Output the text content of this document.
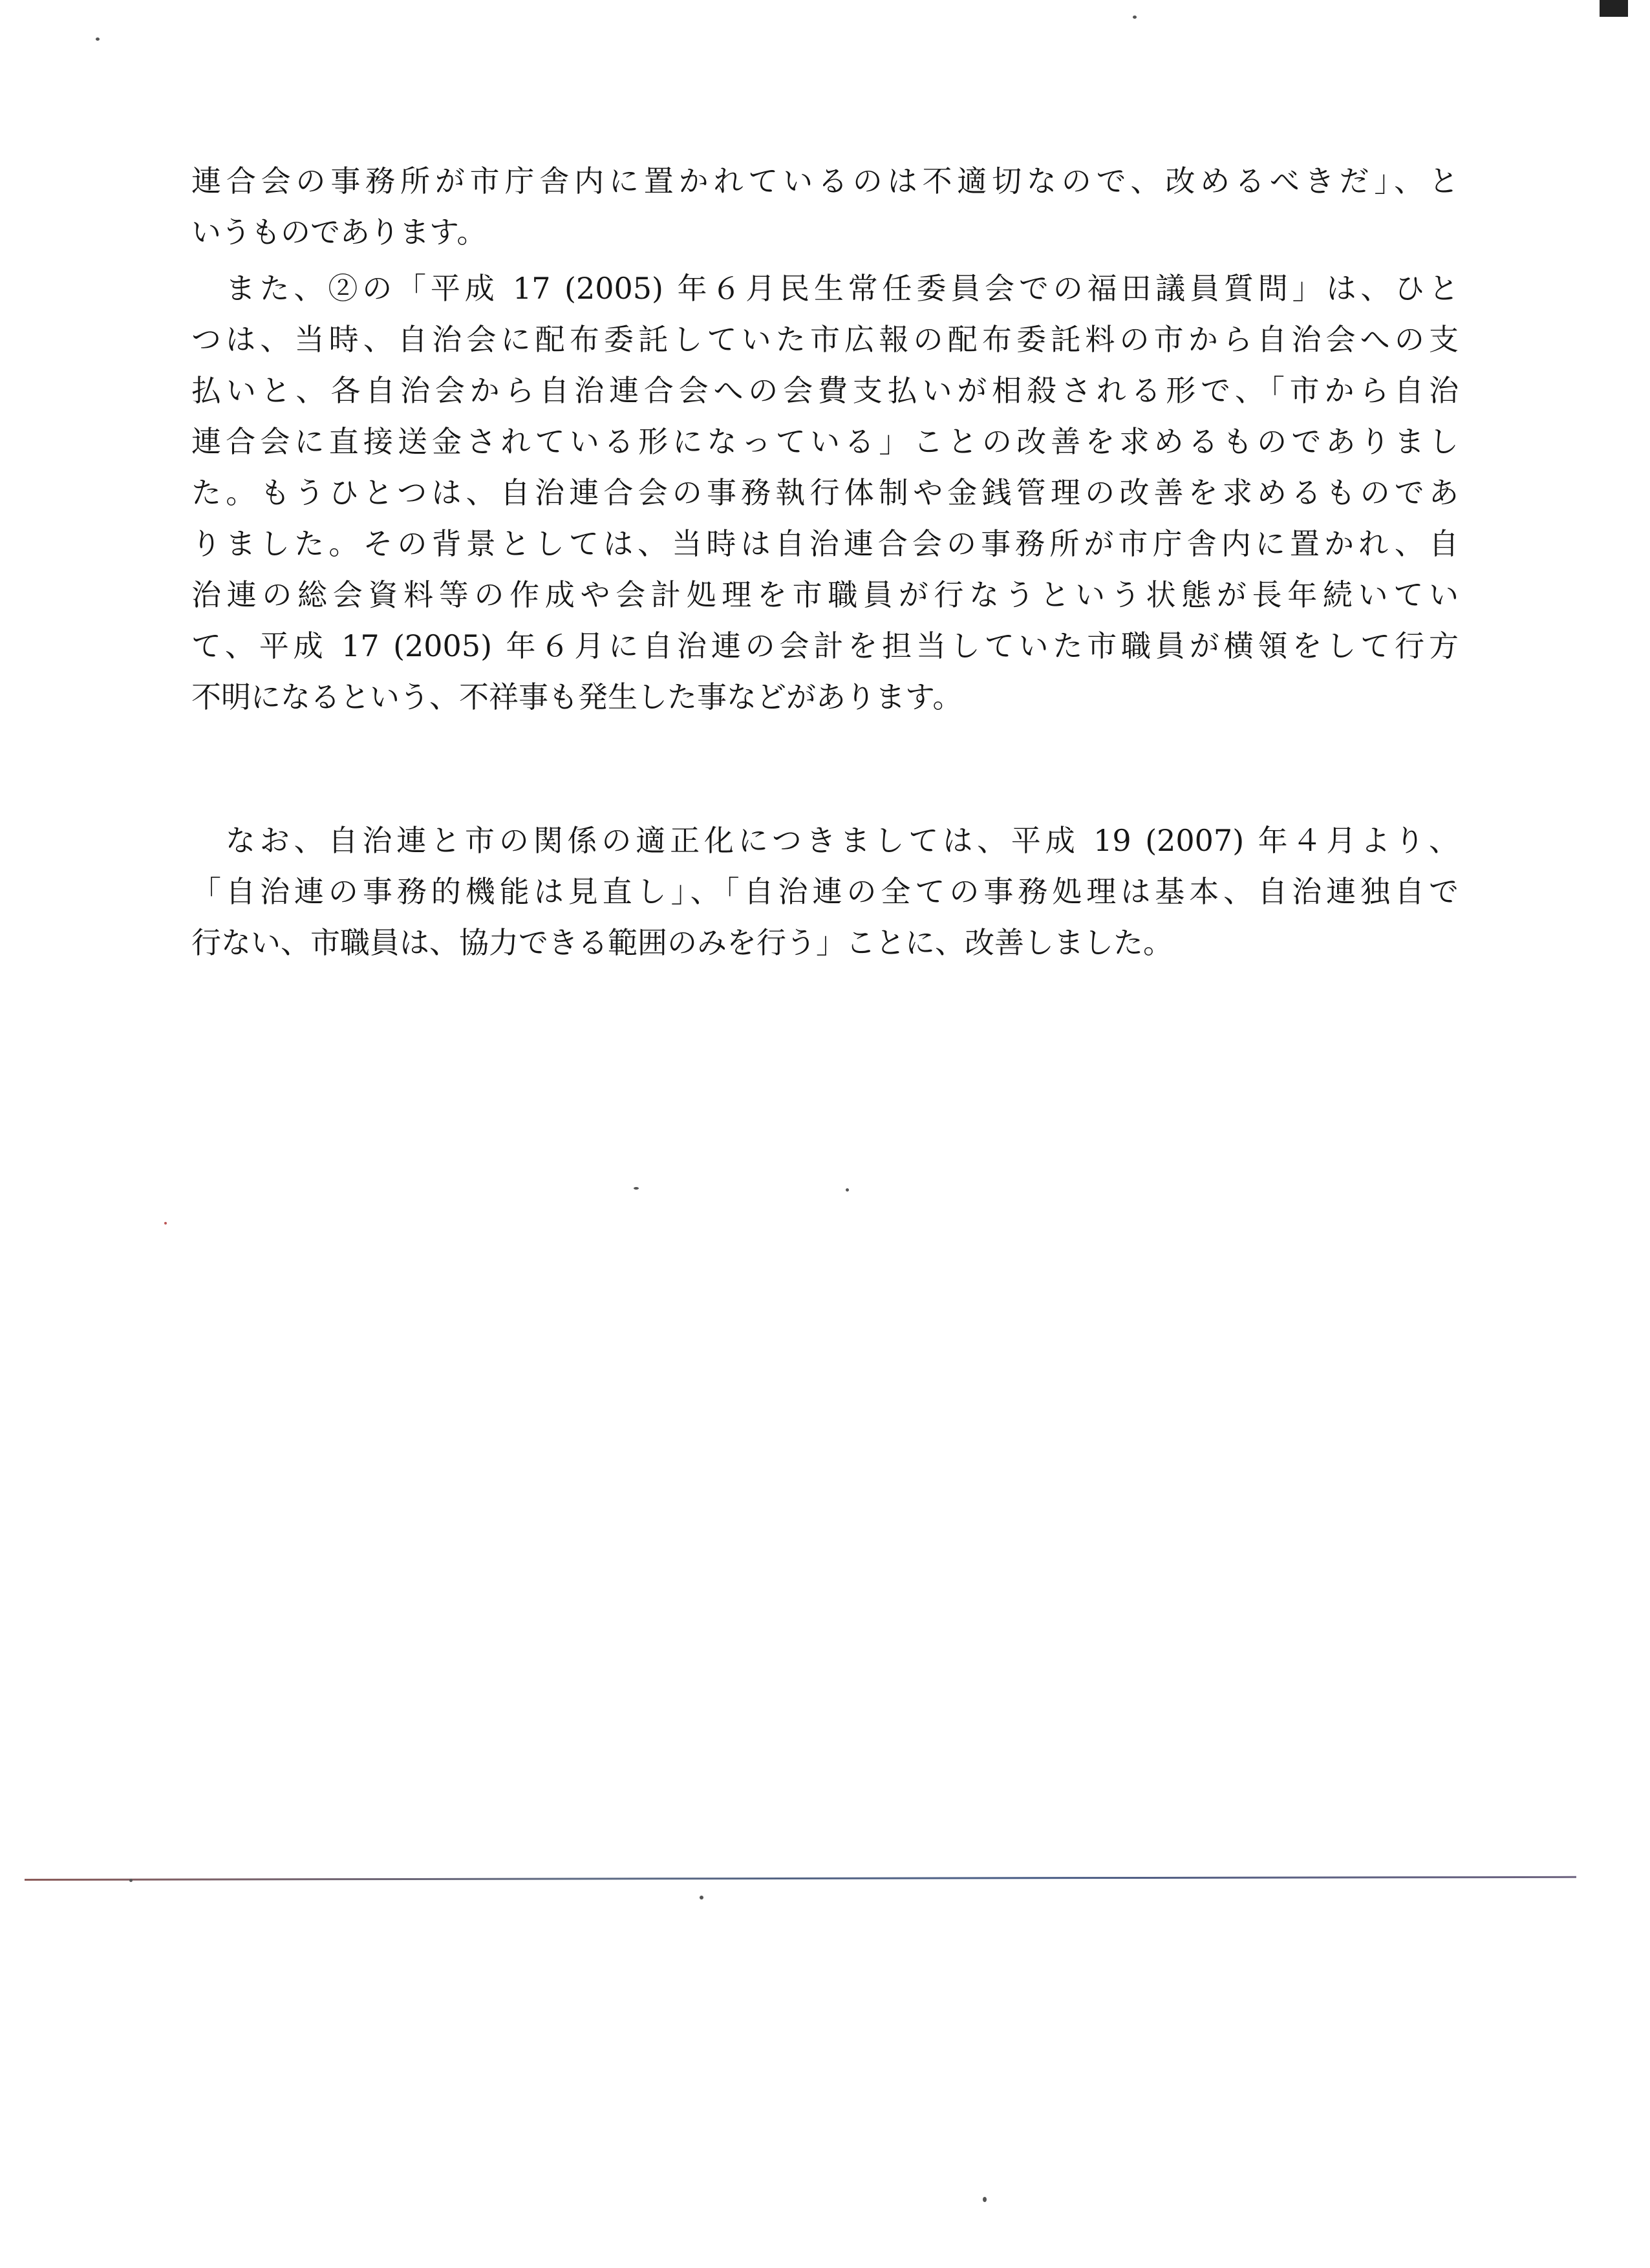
連合会の事務所が市庁舎内に置かれているのは不適切なので、改めるべきだ」、と
いうものであります。
　また、②の「平成 17 (2005) 年６月民生常任委員会での福田議員質問」は、ひと
つは、当時、自治会に配布委託していた市広報の配布委託料の市から自治会への支
払いと、各自治会から自治連合会への会費支払いが相殺される形で、「市から自治
連合会に直接送金されている形になっている」ことの改善を求めるものでありまし
た。もうひとつは、自治連合会の事務執行体制や金銭管理の改善を求めるものであ
りました。その背景としては、当時は自治連合会の事務所が市庁舎内に置かれ、自
治連の総会資料等の作成や会計処理を市職員が行なうという状態が長年続いてい
て、平成 17 (2005) 年６月に自治連の会計を担当していた市職員が横領をして行方
不明になるという、不祥事も発生した事などがあります。
　なお、自治連と市の関係の適正化につきましては、平成 19 (2007) 年４月より、
「自治連の事務的機能は見直し」、「自治連の全ての事務処理は基本、自治連独自で
行ない、市職員は、協力できる範囲のみを行う」ことに、改善しました。
